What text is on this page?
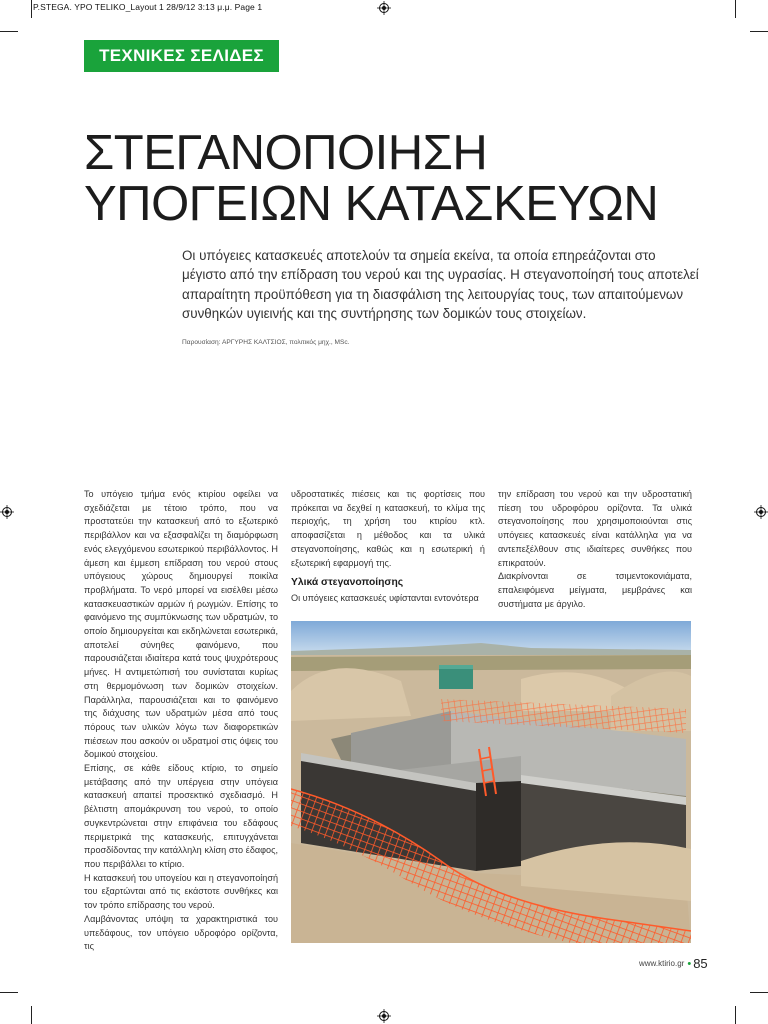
P.STEGA. YPO TELIKO_Layout 1 28/9/12 3:13 μ.μ. Page 1
ΤΕΧΝΙΚΕΣ ΣΕΛΙΔΕΣ
ΣΤΕΓΑΝΟΠΟΙΗΣΗ
ΥΠΟΓΕΙΩΝ ΚΑΤΑΣΚΕΥΩΝ

Οι υπόγειες κατασκευές αποτελούν τα σημεία εκείνα, τα οποία επηρεάζονται στο μέγιστο από την επίδραση του νερού και της υγρασίας. Η στεγανοποίησή τους αποτελεί απαραίτητη προϋπόθεση για τη διασφάλιση της λειτουργίας τους, των απαιτούμενων συνθηκών υγιεινής και της συντήρησης των δομικών τους στοιχείων.

Παρουσίαση: ΑΡΓΥΡΗΣ ΚΑΛΤΣΙΟΣ, πολιτικός μηχ., MSc.

Το υπόγειο τμήμα ενός κτιρίου οφείλει να σχεδιάζεται με τέτοιο τρόπο, που να προστατεύει την κατασκευή από το εξωτερικό περιβάλλον και να εξασφαλίζει τη διαμόρφωση ενός ελεγχόμενου εσωτερικού περιβάλλοντος. Η άμεση και έμμεση επίδραση του νερού στους υπόγειους χώρους δημιουργεί ποικίλα προβλήματα. Το νερό μπορεί να εισέλθει μέσω κατασκευαστικών αρμών ή ρωγμών. Επίσης το φαινόμενο της συμπύκνωσης των υδρατμών, το οποίο δημιουργείται και εκδηλώνεται εσωτερικά, αποτελεί σύνηθες φαινόμενο, που παρουσιάζεται ιδιαίτερα κατά τους ψυχρότερους μήνες. Η αντιμετώπισή του συνίσταται κυρίως στη θερμομόνωση των δομικών στοιχείων. Παράλληλα, παρουσιάζεται και το φαινόμενο της διάχυσης των υδρατμών μέσα από τους πόρους των υλικών λόγω των διαφορετικών πιέσεων που ασκούν οι υδρατμοί στις όψεις του δομικού στοιχείου.

Επίσης, σε κάθε είδους κτίριο, το σημείο μετάβασης από την υπέργεια στην υπόγεια κατασκευή απαιτεί προσεκτικό σχεδιασμό. Η βέλτιστη απομάκρυνση του νερού, το οποίο συγκεντρώνεται στην επιφάνεια του εδάφους περιμετρικά της κατασκευής, επιτυγχάνεται προσδίδοντας την κατάλληλη κλίση στο έδαφος, που περιβάλλει το κτίριο.

Η κατασκευή του υπογείου και η στεγανοποίησή του εξαρτώνται από τις εκάστοτε συνθήκες και τον τρόπο επίδρασης του νερού.

Λαμβάνοντας υπόψη τα χαρακτηριστικά του υπεδάφους, τον υπόγειο υδροφόρο ορίζοντα, τις

υδροστατικές πιέσεις και τις φορτίσεις που πρόκειται να δεχθεί η κατασκευή, το κλίμα της περιοχής, τη χρήση του κτιρίου κτλ. αποφασίζεται η μέθοδος και τα υλικά στεγανοποίησης, καθώς και η εσωτερική ή εξωτερική εφαρμογή της.

Υλικά στεγανοποίησης

Οι υπόγειες κατασκευές υφίστανται εντονότερα

την επίδραση του νερού και την υδροστατική πίεση του υδροφόρου ορίζοντα. Τα υλικά στεγανοποίησης που χρησιμοποιούνται στις υπόγειες κατασκευές είναι κατάλληλα για να αντεπεξέλθουν στις ιδιαίτερες συνθήκες που επικρατούν.

Διακρίνονται σε τσιμεντοκονιάματα, επαλειφόμενα μείγματα, μεμβράνες και συστήματα με άργιλο.

www.ktirio.gr • 85
